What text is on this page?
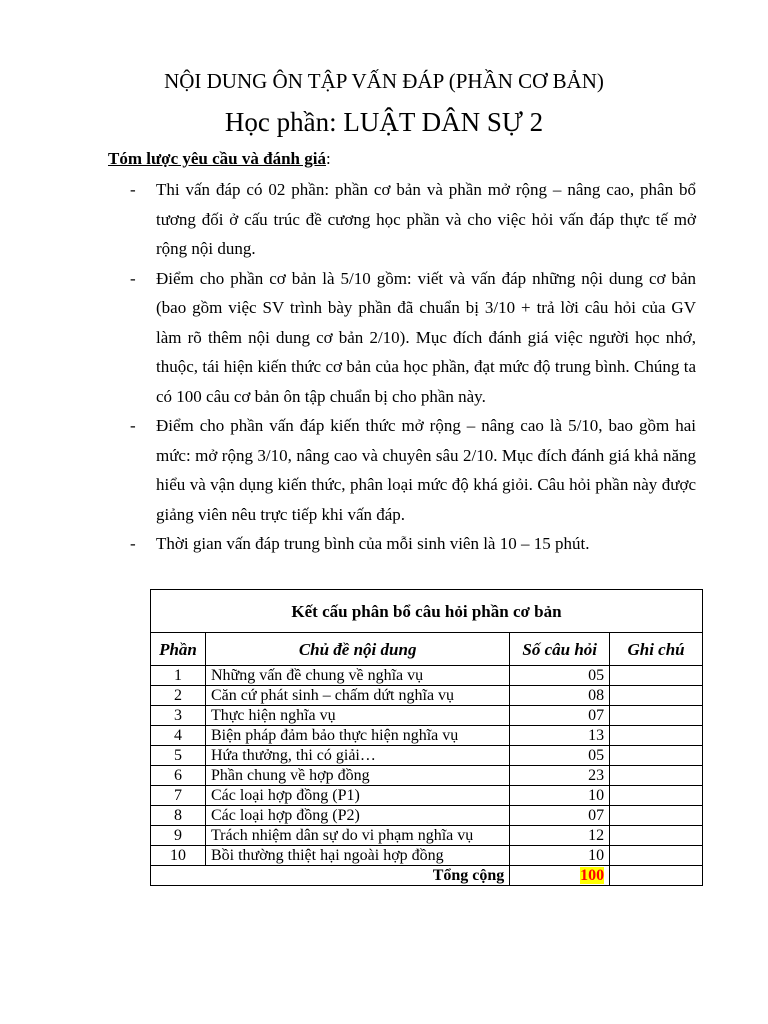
NỘI DUNG ÔN TẬP VẤN ĐÁP (PHẦN CƠ BẢN)
Học phần: LUẬT DÂN SỰ 2
Tóm lược yêu cầu và đánh giá:
- Thi vấn đáp có 02 phần: phần cơ bản và phần mở rộng – nâng cao, phân bổ tương đối ở cấu trúc đề cương học phần và cho việc hỏi vấn đáp thực tế mở rộng nội dung.
- Điểm cho phần cơ bản là 5/10 gồm: viết và vấn đáp những nội dung cơ bản (bao gồm việc SV trình bày phần đã chuẩn bị 3/10 + trả lời câu hỏi của GV làm rõ thêm nội dung cơ bản 2/10). Mục đích đánh giá việc người học nhớ, thuộc, tái hiện kiến thức cơ bản của học phần, đạt mức độ trung bình. Chúng ta có 100 câu cơ bản ôn tập chuẩn bị cho phần này.
- Điểm cho phần vấn đáp kiến thức mở rộng – nâng cao là 5/10, bao gồm hai mức: mở rộng 3/10, nâng cao và chuyên sâu 2/10. Mục đích đánh giá khả năng hiểu và vận dụng kiến thức, phân loại mức độ khá giỏi. Câu hỏi phần này được giảng viên nêu trực tiếp khi vấn đáp.
- Thời gian vấn đáp trung bình của mỗi sinh viên là 10 – 15 phút.
Kết cấu phân bổ câu hỏi phần cơ bản			
Phần	Chủ đề nội dung	Số câu hỏi	Ghi chú
1	Những vấn đề chung về nghĩa vụ	05	
2	Căn cứ phát sinh – chấm dứt nghĩa vụ	08	
3	Thực hiện nghĩa vụ	07	
4	Biện pháp đảm bảo thực hiện nghĩa vụ	13	
5	Hứa thưởng, thi có giải…	05	
6	Phần chung về hợp đồng	23	
7	Các loại hợp đồng (P1)	10	
8	Các loại hợp đồng (P2)	07	
9	Trách nhiệm dân sự do vi phạm nghĩa vụ	12	
10	Bồi thường thiệt hại ngoài hợp đồng	10	
Tổng cộng		100	
